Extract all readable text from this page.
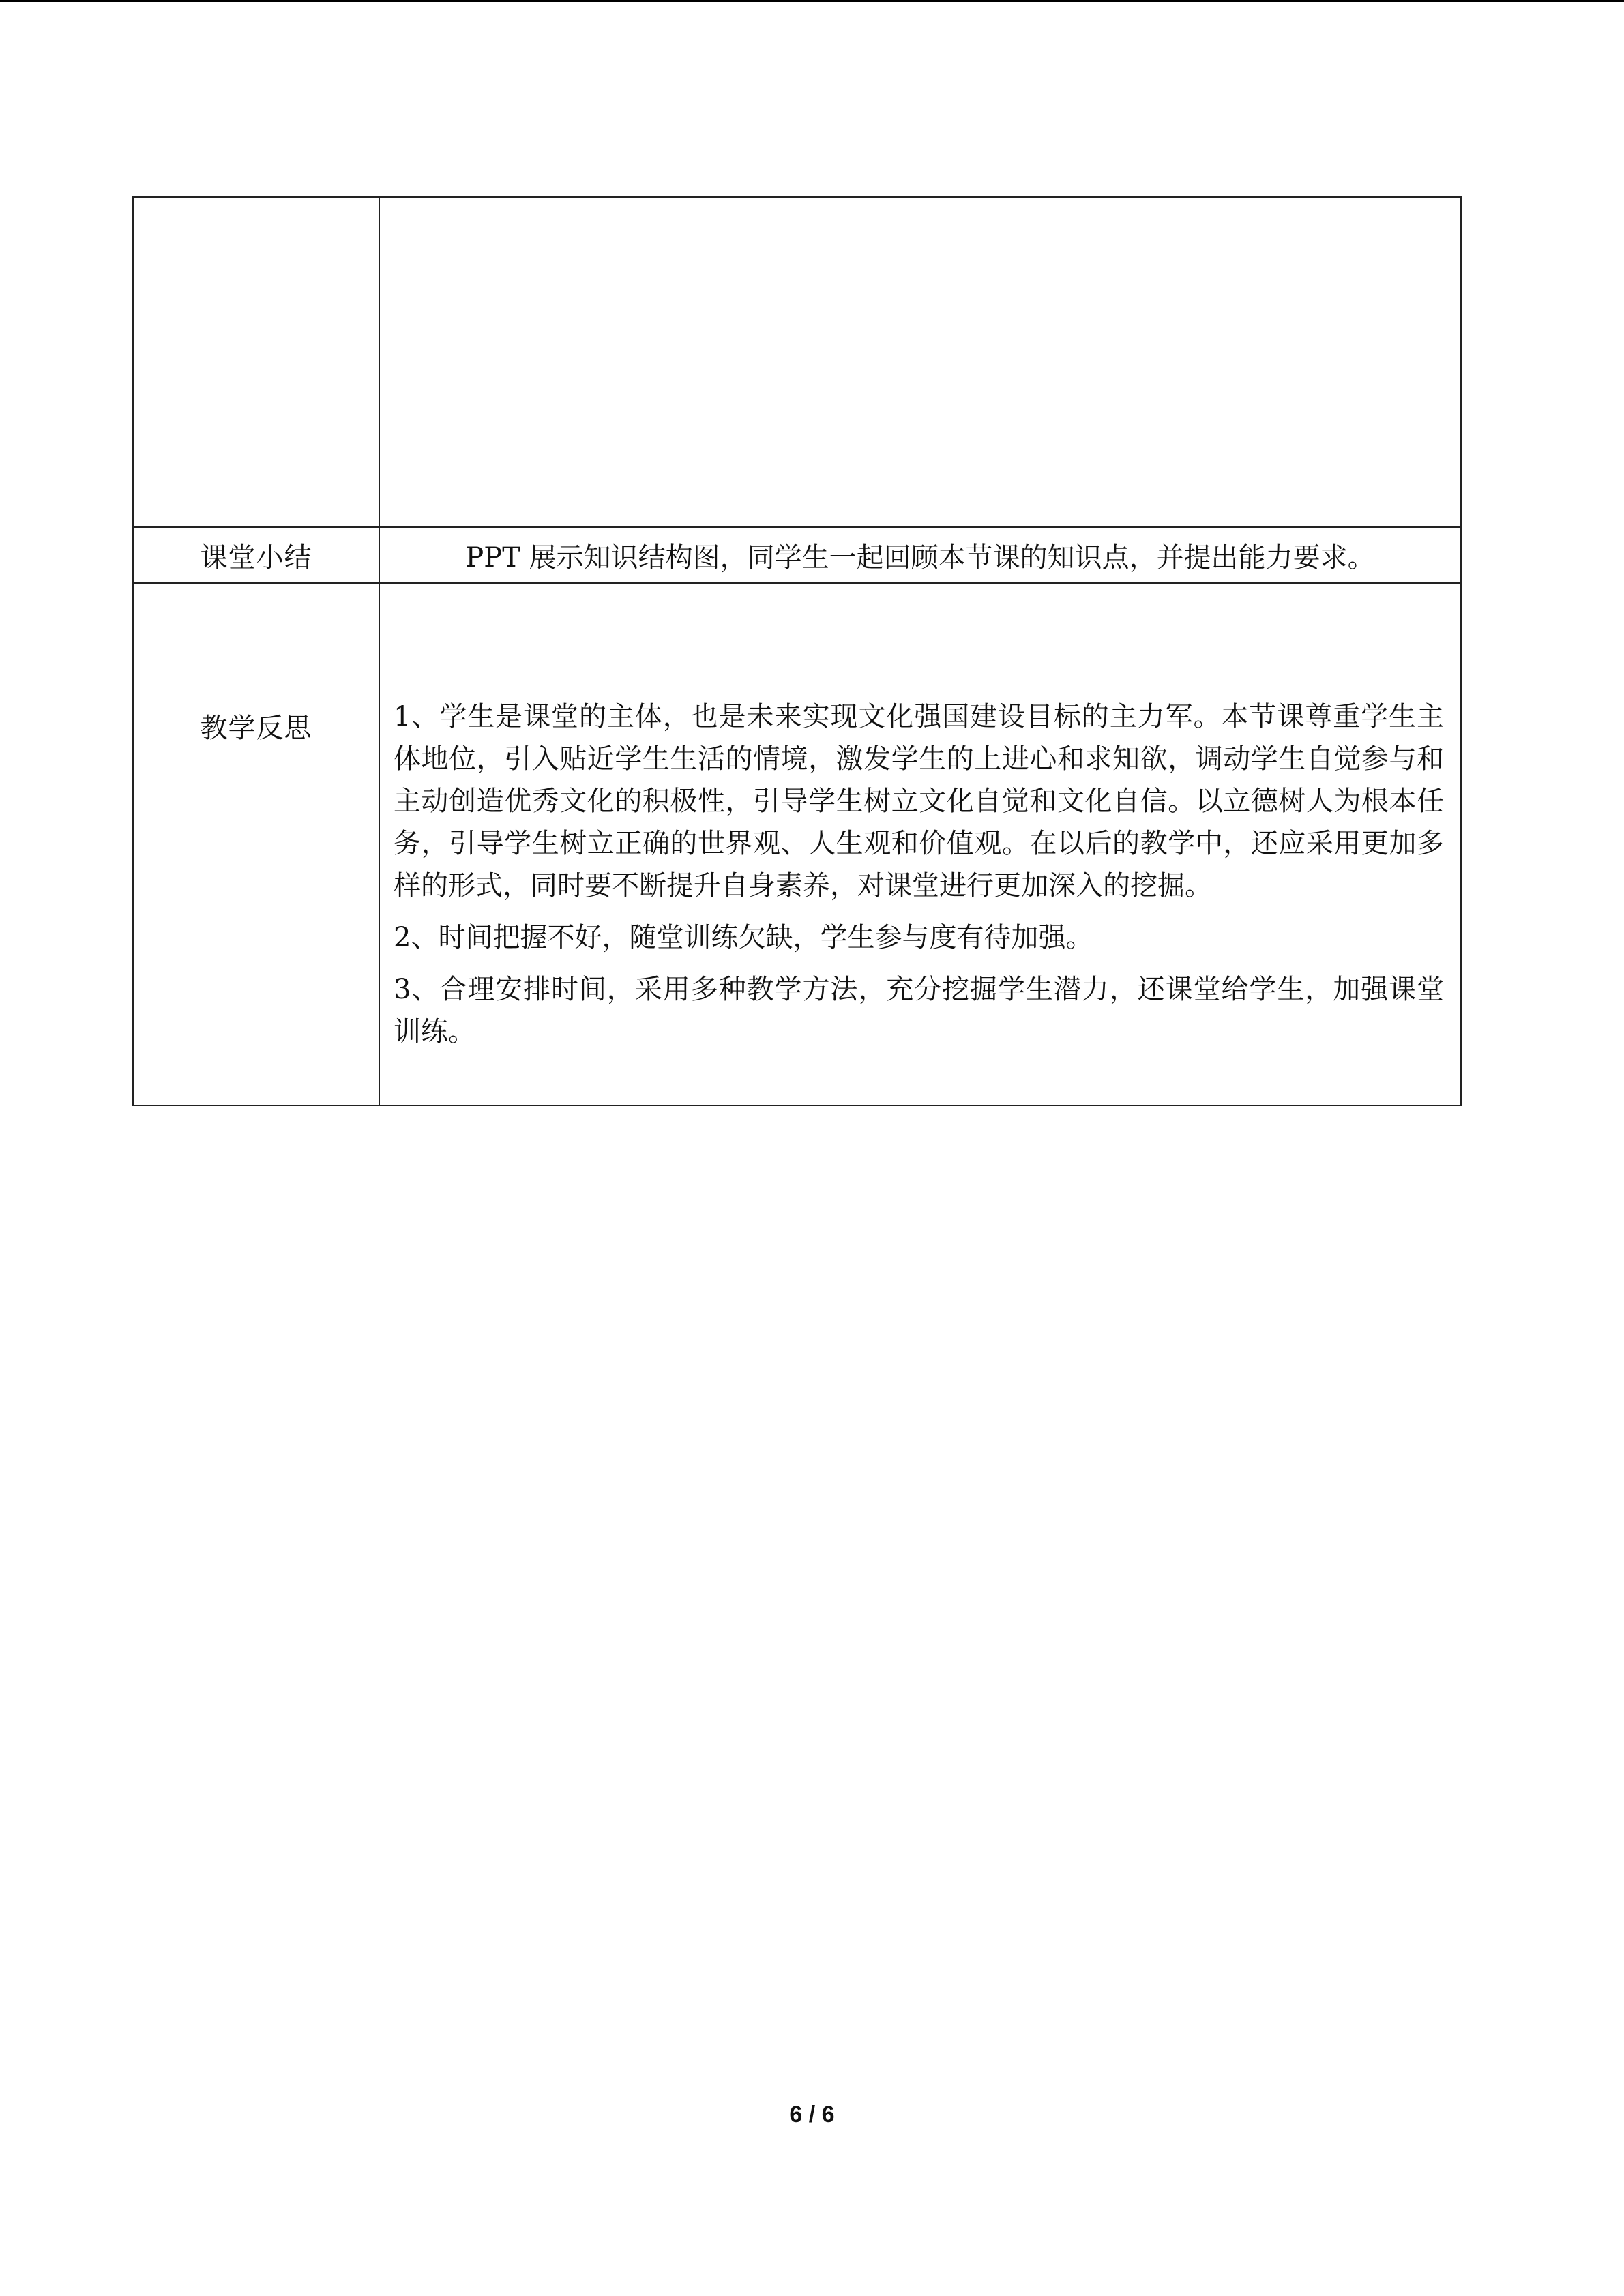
课堂小结	PPT 展示知识结构图，同学生一起回顾本节课的知识点，并提出能力要求。

教学反思	1、学生是课堂的主体，也是未来实现文化强国建设目标的主力军。本节课尊重学生主体地位，引入贴近学生生活的情境，激发学生的上进心和求知欲，调动学生自觉参与和主动创造优秀文化的积极性，引导学生树立文化自觉和文化自信。以立德树人为根本任务，引导学生树立正确的世界观、人生观和价值观。在以后的教学中，还应采用更加多样的形式，同时要不断提升自身素养，对课堂进行更加深入的挖掘。

2、时间把握不好，随堂训练欠缺，学生参与度有待加强。

3、合理安排时间，采用多种教学方法，充分挖掘学生潜力，还课堂给学生，加强课堂训练。

6 / 6
